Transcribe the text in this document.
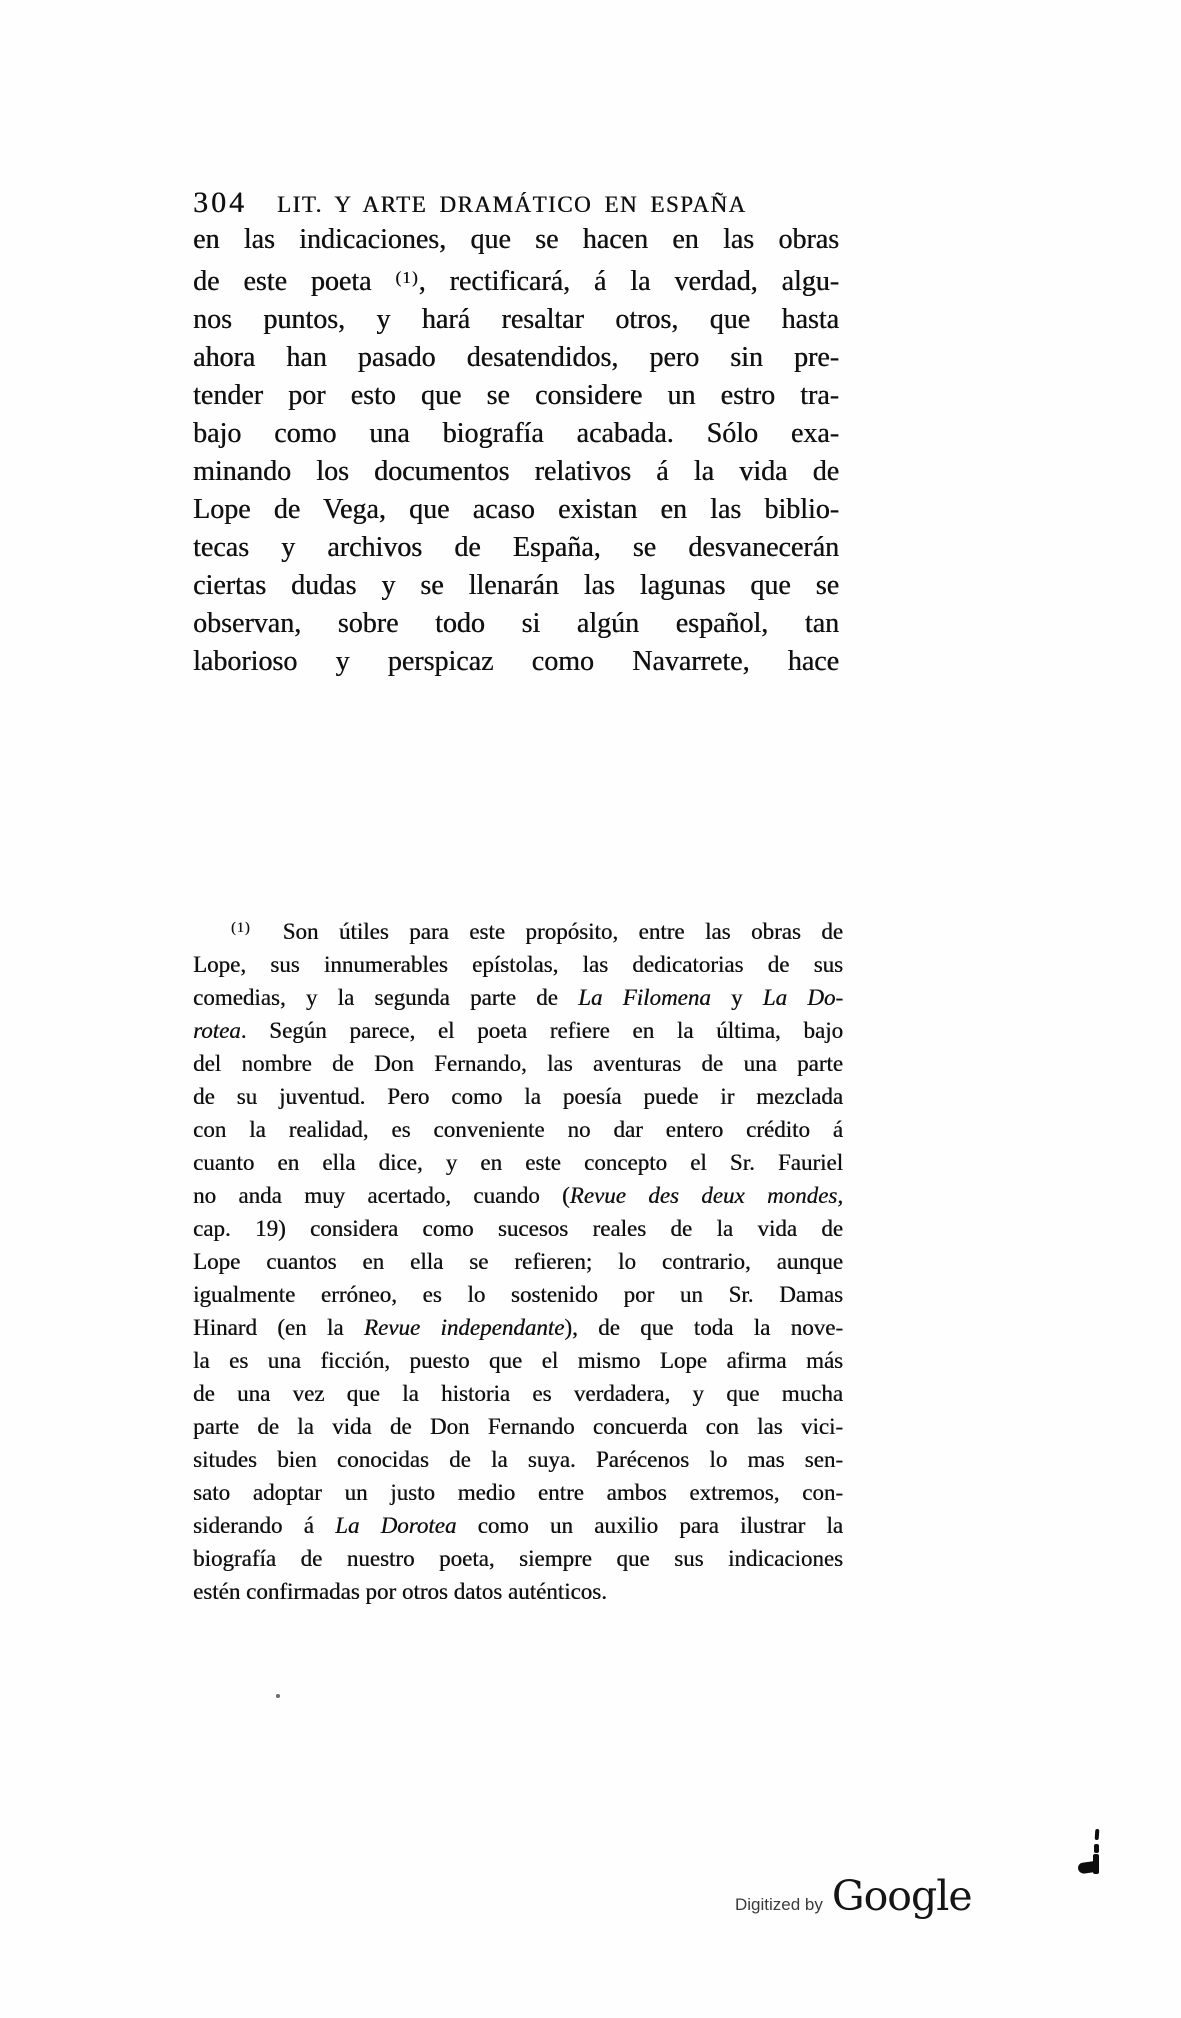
304 LIT. Y ARTE DRAMÁTICO EN ESPAÑA
en las indicaciones, que se hacen en las obras
de este poeta $^{(1)}$, rectificará, á la verdad, algu-
nos puntos, y hará resaltar otros, que hasta
ahora han pasado desatendidos, pero sin pre-
tender por esto que se considere un estro tra-
bajo como una biografía acabada. Sólo exa-
minando los documentos relativos á la vida de
Lope de Vega, que acaso existan en las biblio-
tecas y archivos de España, se desvanecerán
ciertas dudas y se llenarán las lagunas que se
observan, sobre todo si algún español, tan
laborioso y perspicaz como Navarrete, hace
$^{(1)}$  Son útiles para este propósito, entre las obras de
Lope, sus innumerables epístolas, las dedicatorias de sus
comedias, y la segunda parte de La Filomena y La Do-
rotea. Según parece, el poeta refiere en la última, bajo
del nombre de Don Fernando, las aventuras de una parte
de su juventud. Pero como la poesía puede ir mezclada
con la realidad, es conveniente no dar entero crédito á
cuanto en ella dice, y en este concepto el Sr. Fauriel
no anda muy acertado, cuando (Revue des deux mondes,
cap. 19) considera como sucesos reales de la vida de
Lope cuantos en ella se refieren; lo contrario, aunque
igualmente erróneo, es lo sostenido por un Sr. Damas
Hinard (en la Revue independante), de que toda la nove-
la es una ficción, puesto que el mismo Lope afirma más
de una vez que la historia es verdadera, y que mucha
parte de la vida de Don Fernando concuerda con las vici-
situdes bien conocidas de la suya. Parécenos lo mas sen-
sato adoptar un justo medio entre ambos extremos, con-
siderando á La Dorotea como un auxilio para ilustrar la
biografía de nuestro poeta, siempre que sus indicaciones
estén confirmadas por otros datos auténticos.
Digitized by Google
